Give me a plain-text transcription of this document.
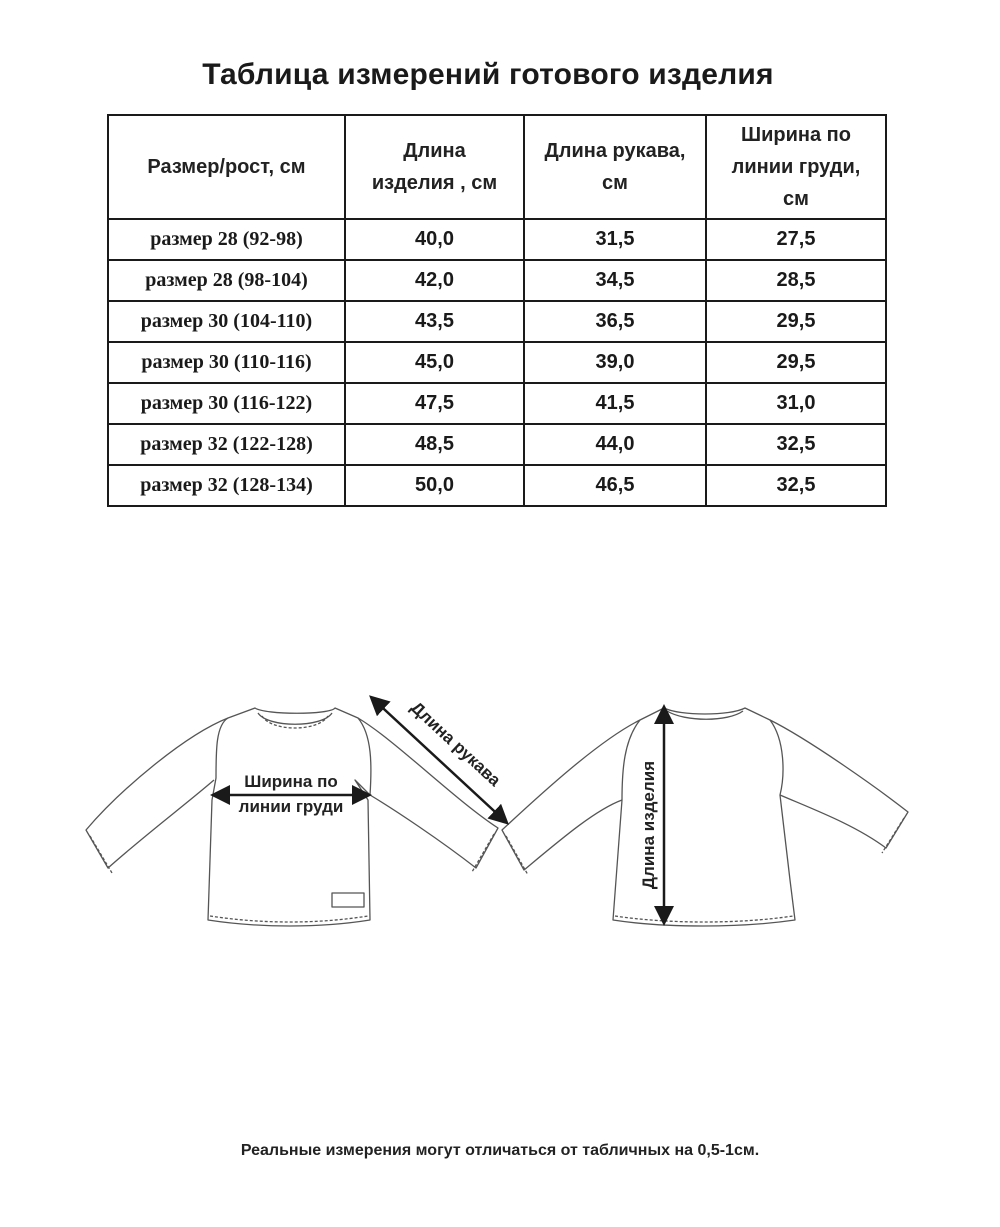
Таблица измерений готового изделия
Размер/рост, см	Длина изделия , см	Длина рукава, см	Ширина по линии груди, см
размер 28 (92-98)	40,0	31,5	27,5
размер 28 (98-104)	42,0	34,5	28,5
размер 30 (104-110)	43,5	36,5	29,5
размер 30 (110-116)	45,0	39,0	29,5
размер 30 (116-122)	47,5	41,5	31,0
размер 32 (122-128)	48,5	44,0	32,5
размер 32 (128-134)	50,0	46,5	32,5
Ширина по
линии груди
Длина рукава
Длина изделия
Реальные измерения могут отличаться от табличных на 0,5-1см.
